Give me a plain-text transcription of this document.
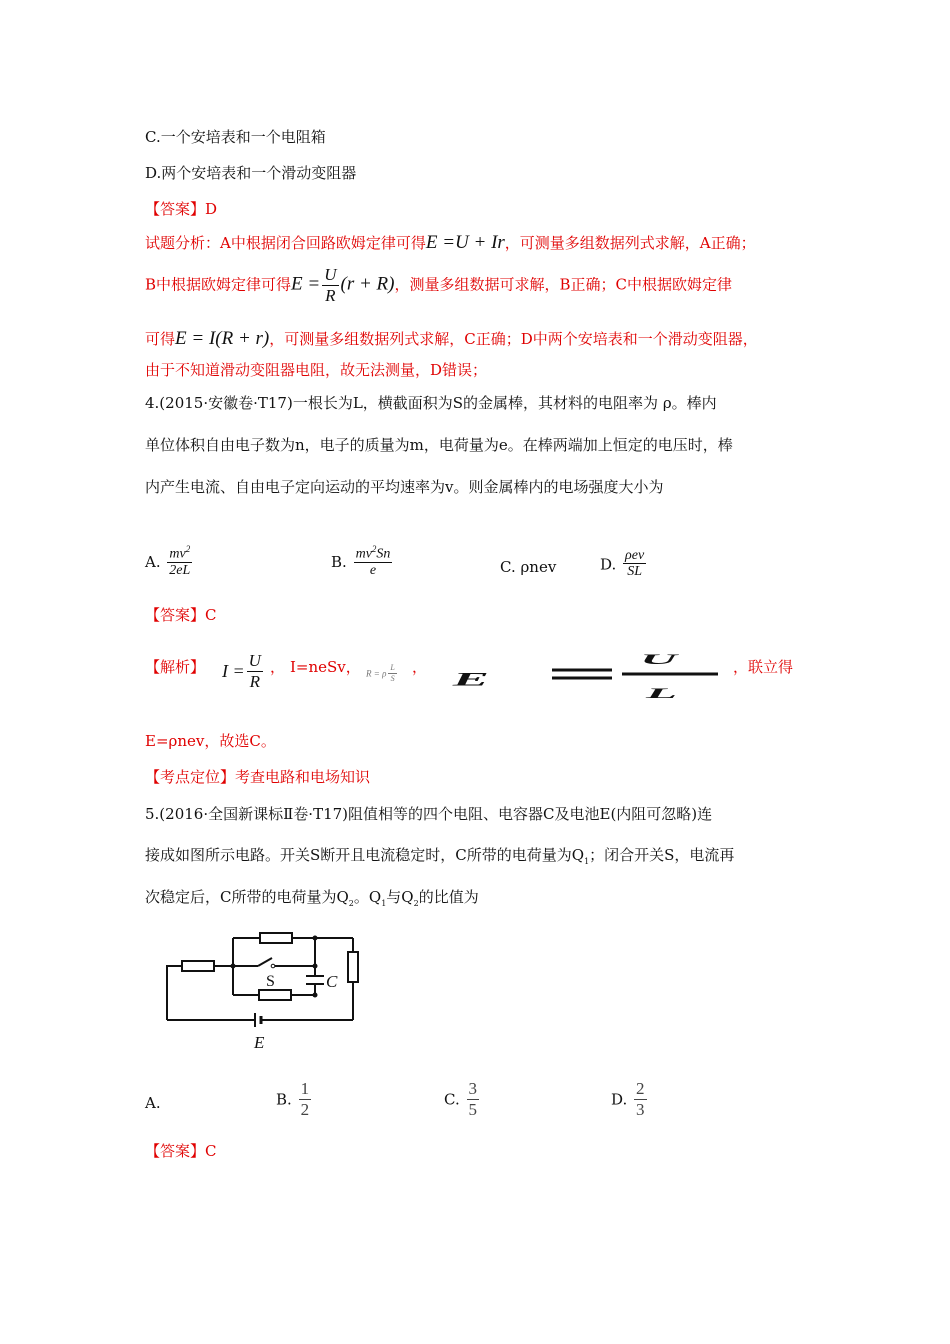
C.一个安培表和一个电阻箱
D.两个安培表和一个滑动变阻器
【答案】D
试题分析：A中根据闭合回路欧姆定律可得E =U + Ir，可测量多组数据列式求解，A正确；
B中根据欧姆定律可得$E = \frac{U}{R} (r + R)$，测量多组数据可求解，B正确；C中根据欧姆定律
可得E = I(R + r)，可测量多组数据列式求解，C正确；D中两个安培表和一个滑动变阻器，
由于不知道滑动变阻器电阻，故无法测量，D错误；
4.(2015·安徽卷·T17)一根长为L，横截面积为S的金属棒，其材料的电阻率为 ρ。棒内
单位体积自由电子数为n，电子的质量为m，电荷量为e。在棒两端加上恒定的电压时，棒
内产生电流、自由电子定向运动的平均速率为v。则金属棒内的电场强度大小为
A. $\frac{mv^2}{2eL}$	B. $\frac{mv^2Sn}{e}$	C. ρnev	D. $\frac{\text{ρev}}{SL}$
【答案】C
【解析】 $I = \frac{U}{R}$ ， I=neSv， R = ρ $\frac{L}{S}$ ，
E
U
L
，联立得
E=ρnev，故选C。
【考点定位】考查电路和电场知识
5.(2016·全国新课标Ⅱ卷·T17)阻值相等的四个电阻、电容器C及电池E(内阻可忽略)连
接成如图所示电路。开关S断开且电流稳定时，C所带的电荷量为$Q_1$；闭合开关S，电流再
次稳定后，C所带的电荷量为$Q_2$。$Q_1$与$Q_2$的比值为
S	C
E
A.	B. $\frac{1}{2}$	C. $\frac{3}{5}$	D. $\frac{2}{3}$
【答案】C
